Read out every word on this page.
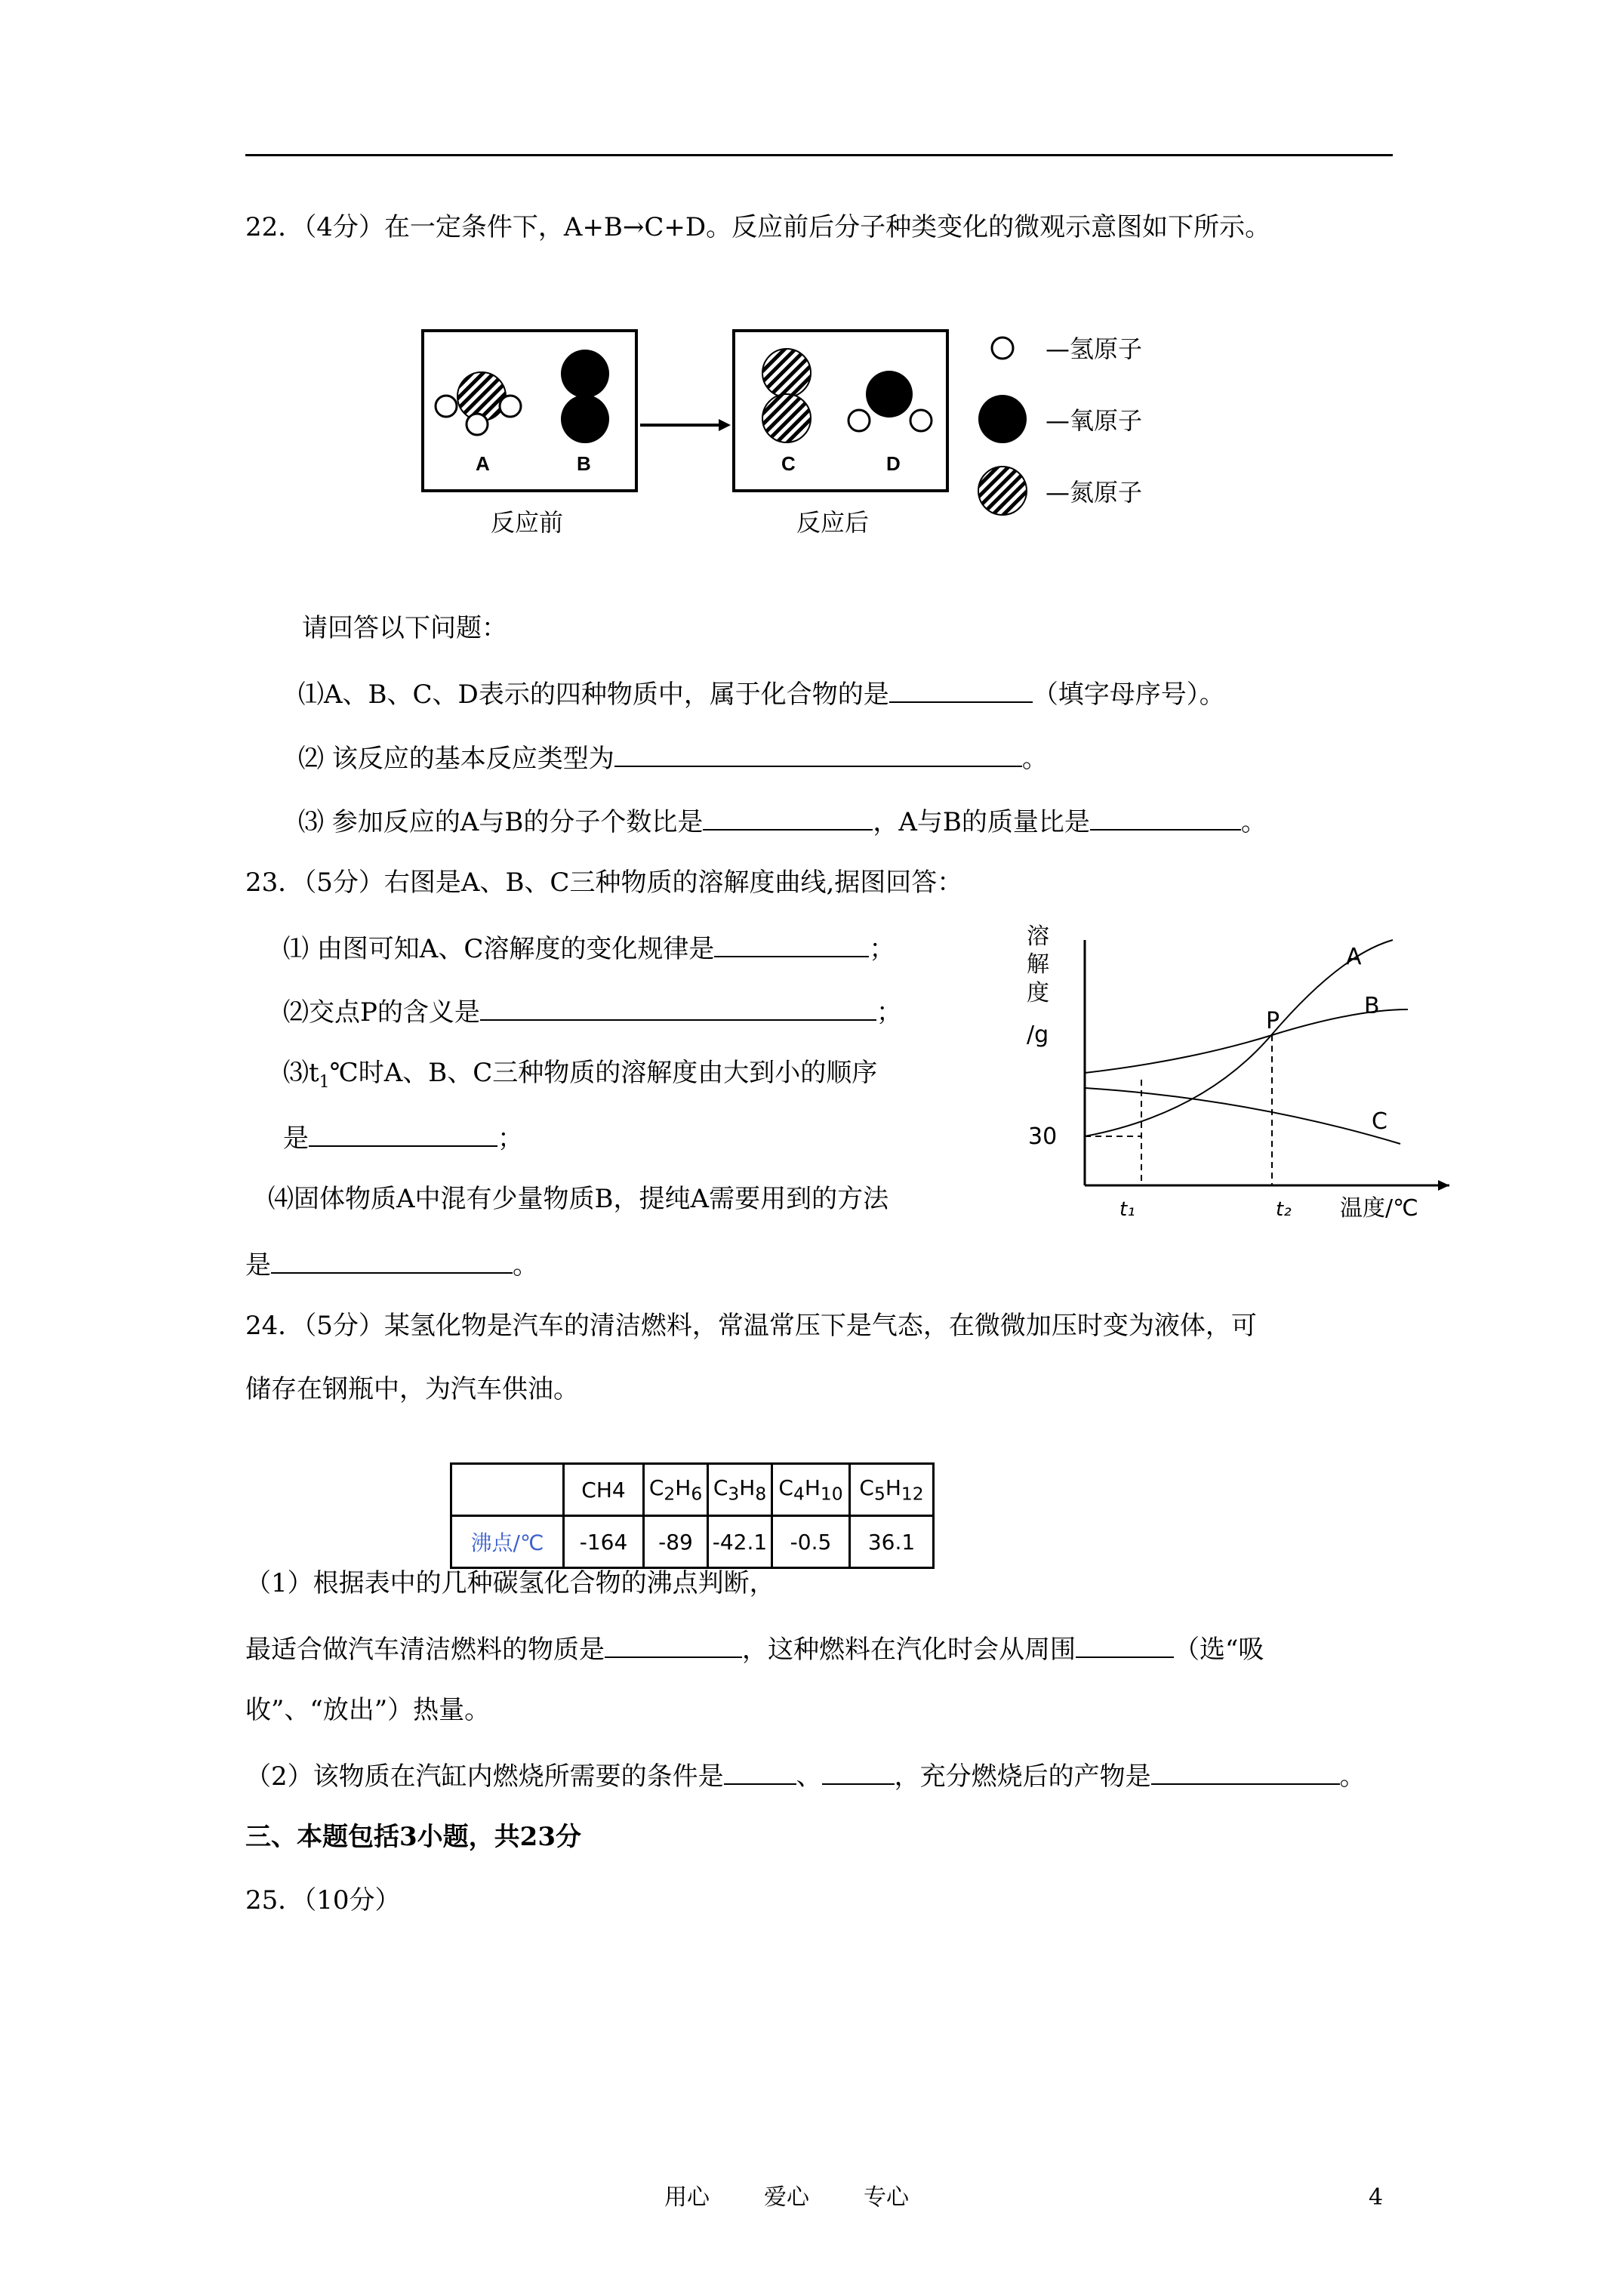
22．（4分）在一定条件下，A+B→C+D。反应前后分子种类变化的微观示意图如下所示。
A	B	C	D
反应前	反应后
—氢原子
—氧原子
—氮原子
请回答以下问题：
⑴A、B、C、D表示的四种物质中，属于化合物的是	（填字母序号）。
⑵ 该反应的基本反应类型为	。
⑶ 参加反应的A与B的分子个数比是	，A与B的质量比是	。
23．（5分）右图是A、B、C三种物质的溶解度曲线,据图回答：
⑴ 由图可知A、C溶解度的变化规律是	；
⑵交点P的含义是	；
$⑶t_1℃$时A、B、C三种物质的溶解度由大到小的顺序
是	；
⑷固体物质A中混有少量物质B，提纯A需要用到的方法
是	。
溶
解
度
/g
30
t₁	t₂ 温度/℃
A
B
C
P
24．（5分）某氢化物是汽车的清洁燃料，常温常压下是气态，在微微加压时变为液体，可
储存在钢瓶中，为汽车供油。
	CH4	$C_2H_6$	$C_3H_8$	$C_4H_{10}$	$C_5H_{12}$
沸点/℃	-164	-89	-42.1	-0.5	36.1
（1）根据表中的几种碳氢化合物的沸点判断，
最适合做汽车清洁燃料的物质是	，这种燃料在汽化时会从周围	（选“吸
收”、“放出”）热量。
（2）该物质在汽缸内燃烧所需要的条件是	、	，充分燃烧后的产物是	。
三、本题包括3小题，共23分
25．（10分）
用心 爱心 专心	4
